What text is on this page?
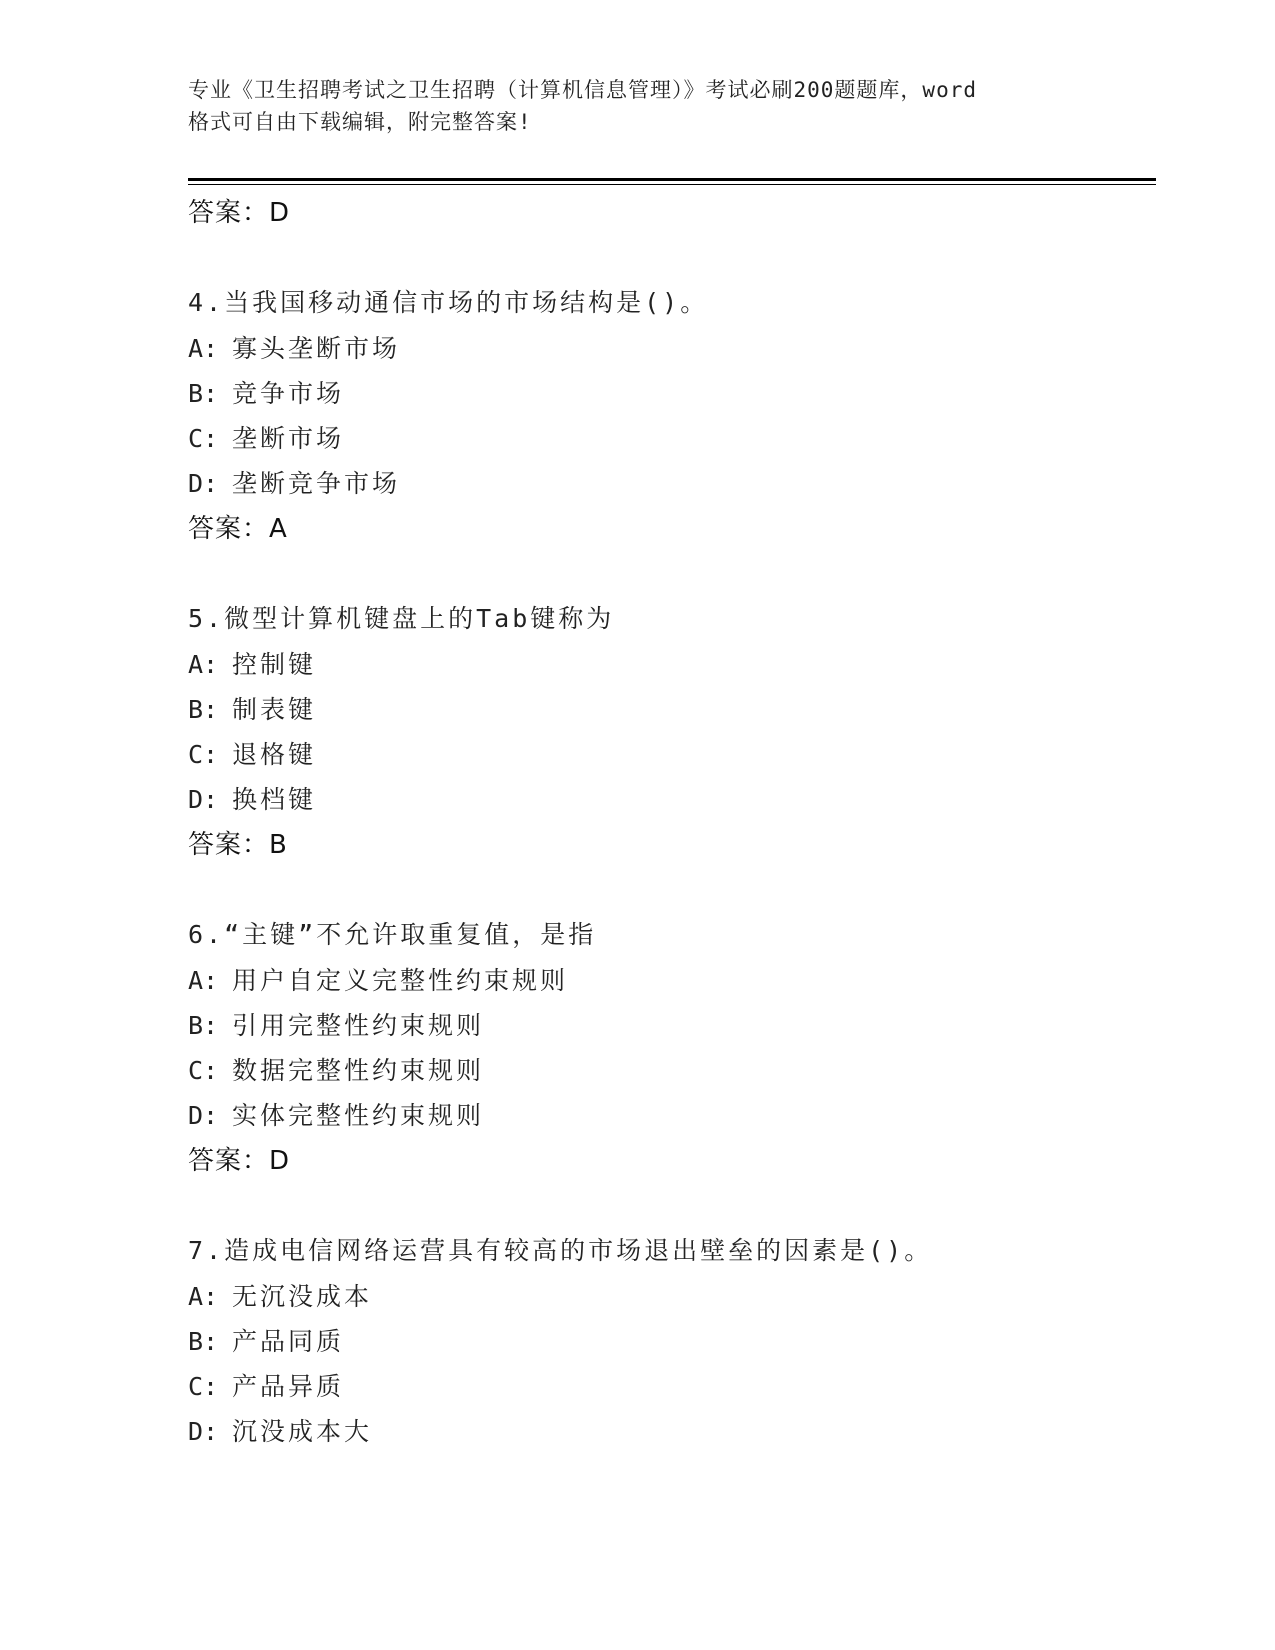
专业《卫生招聘考试之卫生招聘（计算机信息管理）》考试必刷200题题库，word
格式可自由下载编辑，附完整答案!
答案：D
4.当我国移动通信市场的市场结构是()。
A: 寡头垄断市场
B: 竞争市场
C: 垄断市场
D: 垄断竞争市场
答案：A
5.微型计算机键盘上的Tab键称为
A: 控制键
B: 制表键
C: 退格键
D: 换档键
答案：B
6.“主键”不允许取重复值，是指
A: 用户自定义完整性约束规则
B: 引用完整性约束规则
C: 数据完整性约束规则
D: 实体完整性约束规则
答案：D
7.造成电信网络运营具有较高的市场退出壁垒的因素是()。
A: 无沉没成本
B: 产品同质
C: 产品异质
D: 沉没成本大
